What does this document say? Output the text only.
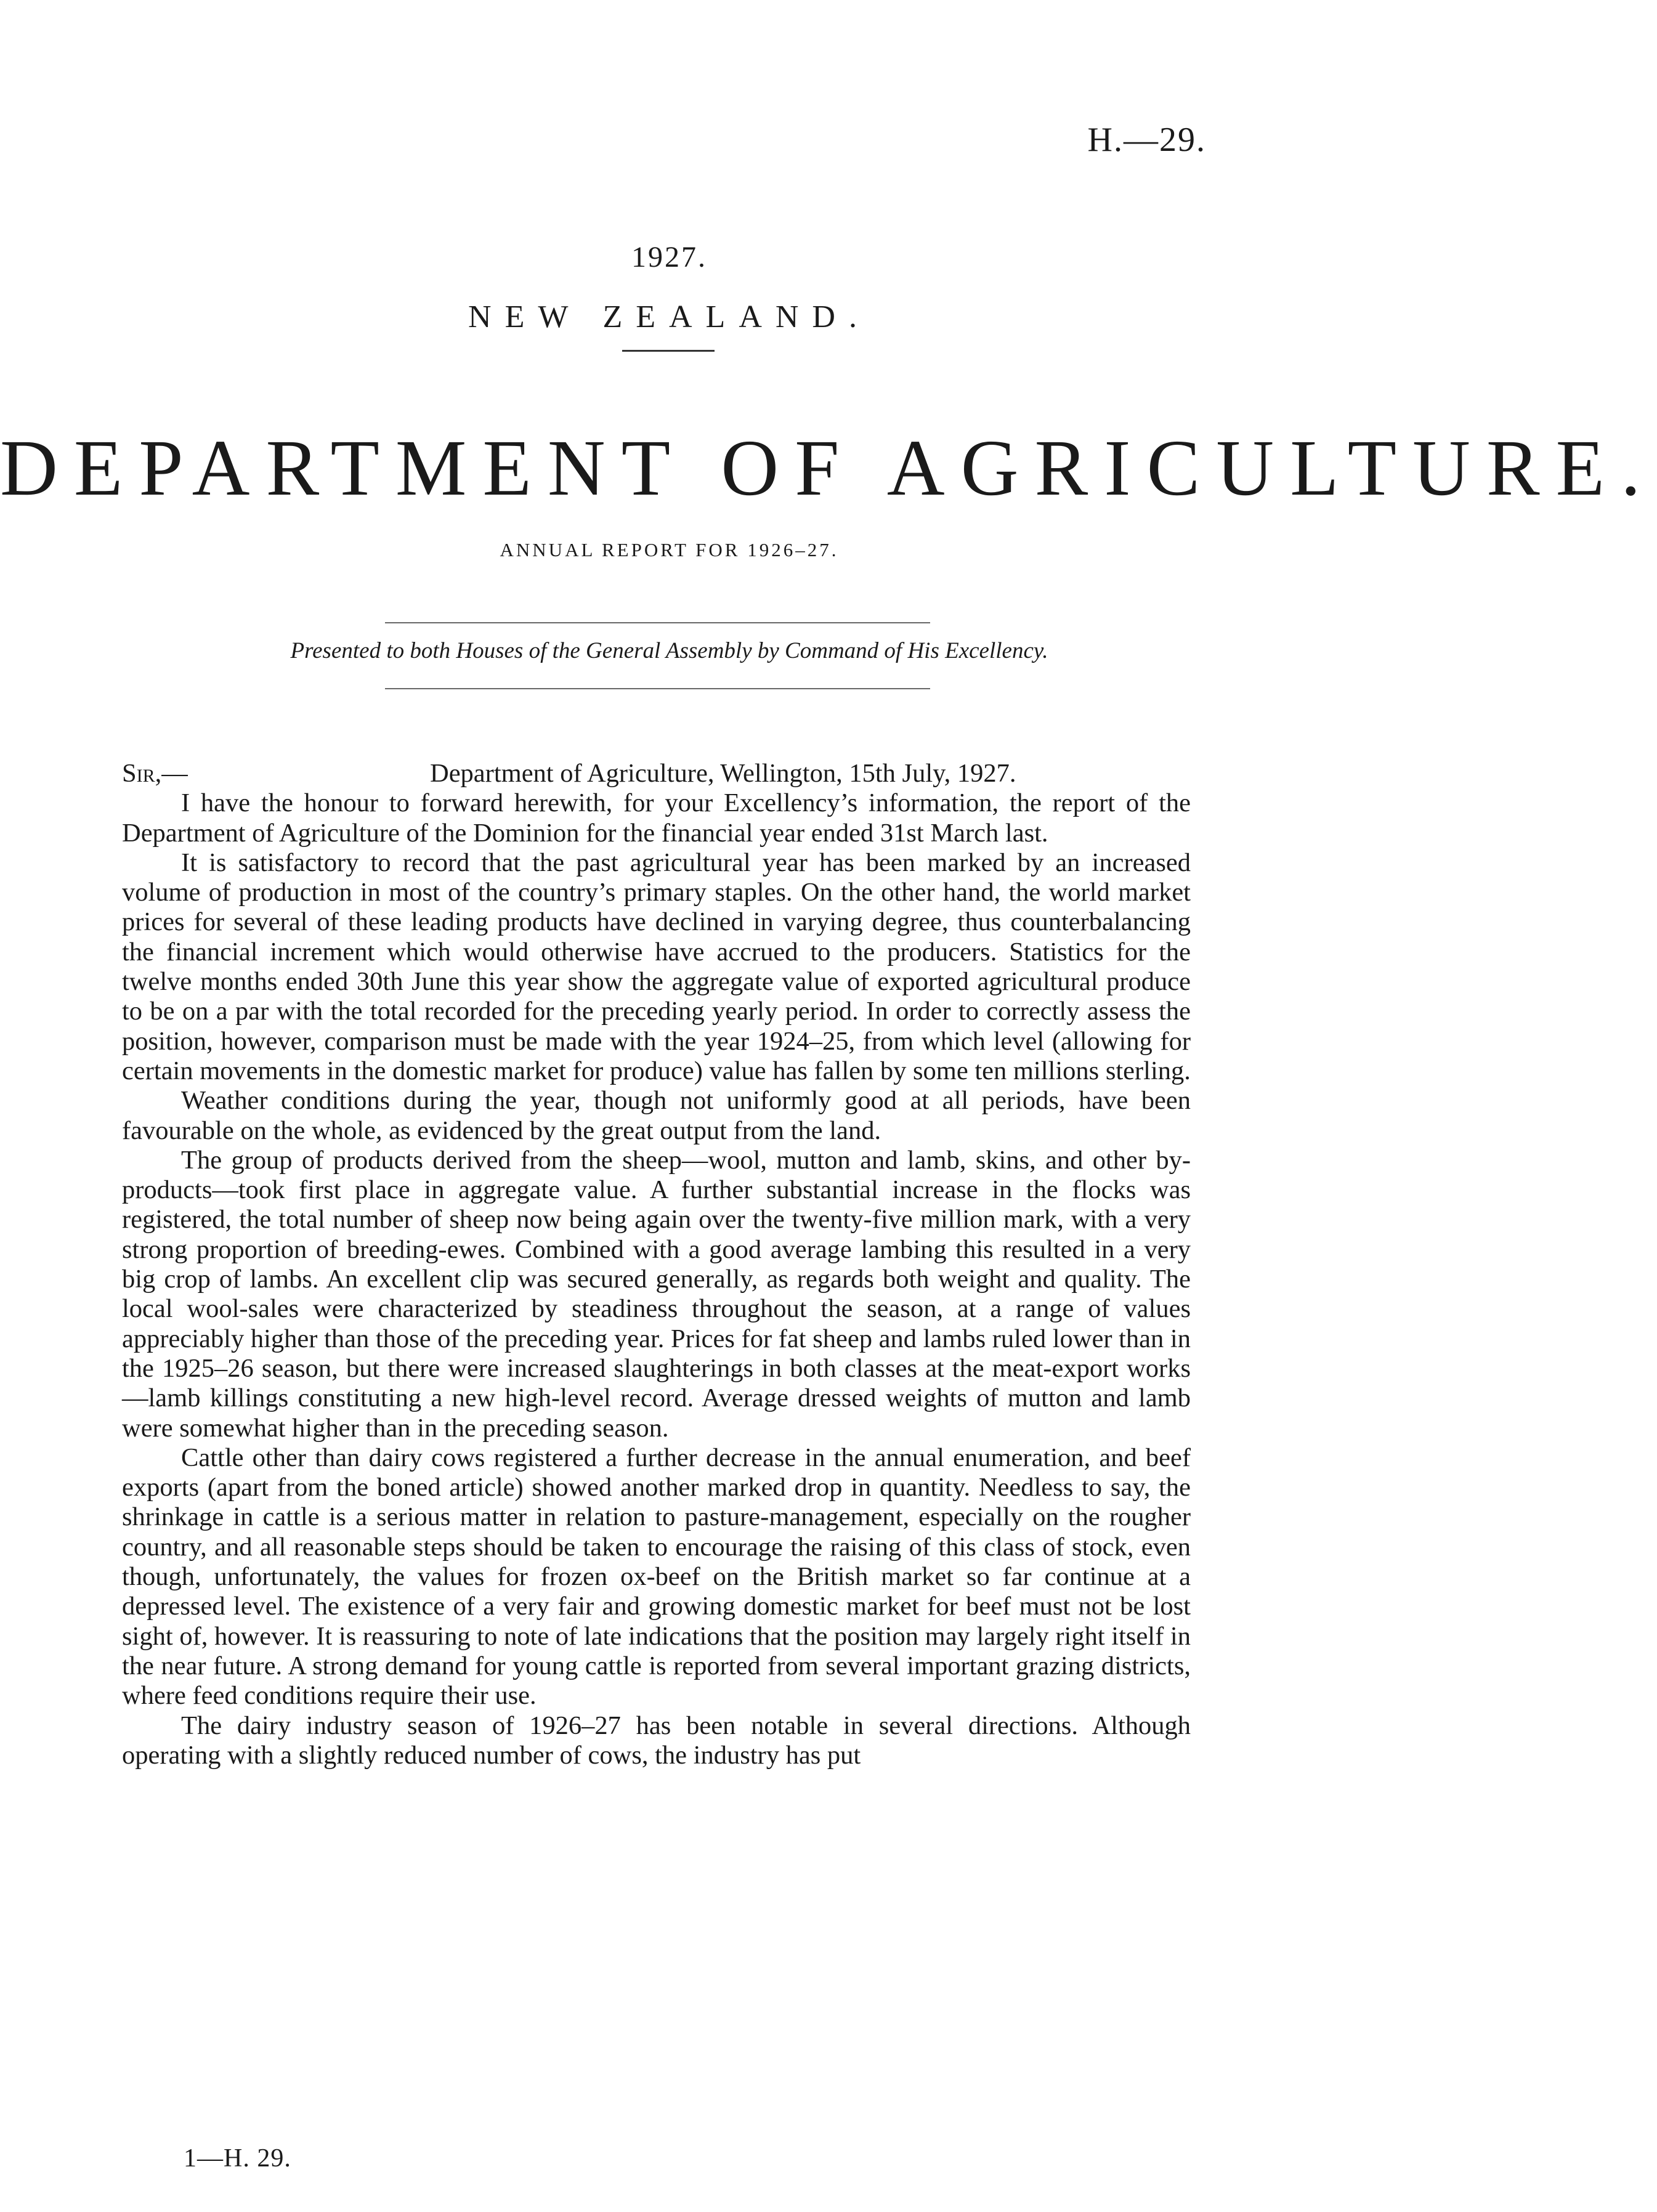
H.—29.
1927.
NEW ZEALAND.
DEPARTMENT OF AGRICULTURE.
ANNUAL REPORT FOR 1926–27.
Presented to both Houses of the General Assembly by Command of His Excellency.
Sir,—	Department of Agriculture, Wellington, 15th July, 1927.

I have the honour to forward herewith, for your Excellency’s information, the report of the Department of Agriculture of the Dominion for the financial year ended 31st March last.

It is satisfactory to record that the past agricultural year has been marked by an increased volume of production in most of the country’s primary staples. On the other hand, the world market prices for several of these leading products have declined in varying degree, thus counterbalancing the financial increment which would otherwise have accrued to the producers. Statistics for the twelve months ended 30th June this year show the aggregate value of exported agricultural produce to be on a par with the total recorded for the preceding yearly period. In order to correctly assess the position, however, comparison must be made with the year 1924–25, from which level (allowing for certain movements in the domestic market for produce) value has fallen by some ten millions sterling.

Weather conditions during the year, though not uniformly good at all periods, have been favourable on the whole, as evidenced by the great output from the land.

The group of products derived from the sheep—wool, mutton and lamb, skins, and other by-products—took first place in aggregate value. A further substantial increase in the flocks was registered, the total number of sheep now being again over the twenty-five million mark, with a very strong proportion of breeding-ewes. Combined with a good average lambing this resulted in a very big crop of lambs. An excellent clip was secured generally, as regards both weight and quality. The local wool-sales were characterized by steadiness throughout the season, at a range of values appreciably higher than those of the preceding year. Prices for fat sheep and lambs ruled lower than in the 1925–26 season, but there were increased slaughterings in both classes at the meat-export works—lamb killings constituting a new high-level record. Average dressed weights of mutton and lamb were somewhat higher than in the preceding season.

Cattle other than dairy cows registered a further decrease in the annual enumeration, and beef exports (apart from the boned article) showed another marked drop in quantity. Needless to say, the shrinkage in cattle is a serious matter in relation to pasture-management, especially on the rougher country, and all reasonable steps should be taken to encourage the raising of this class of stock, even though, unfortunately, the values for frozen ox-beef on the British market so far continue at a depressed level. The existence of a very fair and growing domestic market for beef must not be lost sight of, however. It is reassuring to note of late indications that the position may largely right itself in the near future. A strong demand for young cattle is reported from several important grazing districts, where feed conditions require their use.

The dairy industry season of 1926–27 has been notable in several directions. Although operating with a slightly reduced number of cows, the industry has put

1—H. 29.
